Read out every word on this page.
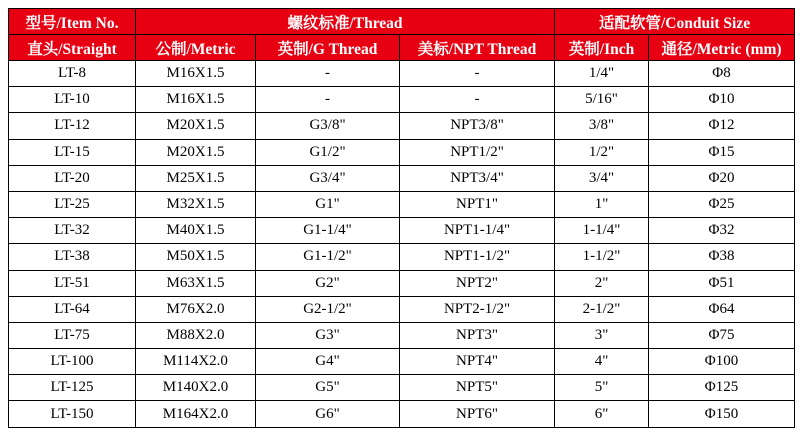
型号/Item No.	螺纹标准/Thread			适配软管/Conduit Size	
直头/Straight	公制/Metric	英制/G Thread	美标/NPT Thread	英制/Inch	通径/Metric (mm)
LT-8	M16X1.5	-	-	1/4"	Φ8
LT-10	M16X1.5	-	-	5/16"	Φ10
LT-12	M20X1.5	G3/8"	NPT3/8"	3/8"	Φ12
LT-15	M20X1.5	G1/2"	NPT1/2"	1/2"	Φ15
LT-20	M25X1.5	G3/4"	NPT3/4"	3/4"	Φ20
LT-25	M32X1.5	G1"	NPT1"	1"	Φ25
LT-32	M40X1.5	G1-1/4"	NPT1-1/4"	1-1/4"	Φ32
LT-38	M50X1.5	G1-1/2"	NPT1-1/2"	1-1/2"	Φ38
LT-51	M63X1.5	G2"	NPT2"	2"	Φ51
LT-64	M76X2.0	G2-1/2"	NPT2-1/2"	2-1/2"	Φ64
LT-75	M88X2.0	G3"	NPT3"	3"	Φ75
LT-100	M114X2.0	G4"	NPT4"	4"	Φ100
LT-125	M140X2.0	G5"	NPT5"	5"	Φ125
LT-150	M164X2.0	G6"	NPT6"	6"	Φ150
